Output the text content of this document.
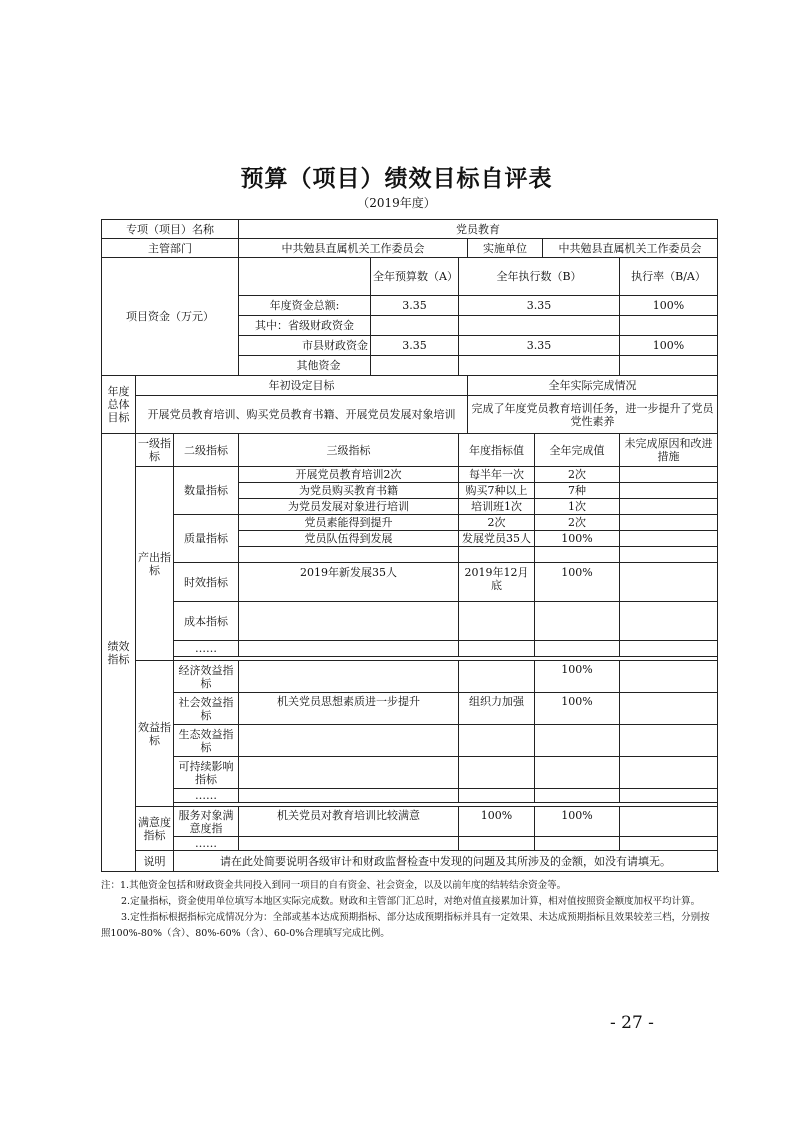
预算（项目）绩效目标自评表
（2019年度）
专项（项目）名称			党员教育						
主管部门			中共勉县直属机关工作委员会			实施单位		中共勉县直属机关工作委员会	
项目资金（万元）				全年预算数（A）	全年执行数（B）				执行率（B/A）
			年度资金总额:	3.35	3.35				100%
			其中：省级财政资金						
			市县财政资金	3.35	3.35				100%
			其他资金						
年度总体目标	年初设定目标					全年实际完成情况			
	开展党员教育培训、购买党员教育书籍、开展党员发展对象培训					完成了年度党员教育培训任务，进一步提升了党员党性素养			
绩效指标	一级指标	二级指标	三级指标		年度指标值		全年完成值		未完成原因和改进措施
	产出指标	数量指标	开展党员教育培训2次		每半年一次		2次		
			为党员购买教育书籍		购买7种以上		7种		
			为党员发展对象进行培训		培训班1次		1次		
		质量指标	党员素能得到提升		2次		2次		
			党员队伍得到发展		发展党员35人		100%		

		时效指标	2019年新发展35人		2019年12月底		100%		
		成本指标							
		……							

	效益指标	经济效益指标					100%		
		社会效益指标	机关党员思想素质进一步提升		组织力加强		100%		
		生态效益指标							
		可持续影响指标							
		……							

	满意度指标	服务对象满意度指	机关党员对教育培训比较满意		100%		100%		
		……							
	说明	请在此处简要说明各级审计和财政监督检查中发现的问题及其所涉及的金额，如没有请填无。							

注：1.其他资金包括和财政资金共同投入到同一项目的自有资金、社会资金，以及以前年度的结转结余资金等。

2.定量指标，资金使用单位填写本地区实际完成数。财政和主管部门汇总时，对绝对值直接累加计算，相对值按照资金额度加权平均计算。

3.定性指标根据指标完成情况分为：全部或基本达成预期指标、部分达成预期指标并具有一定效果、未达成预期指标且效果较差三档，分别按照100%-80%（含）、80%-60%（含）、60-0%合理填写完成比例。

- 27 -
